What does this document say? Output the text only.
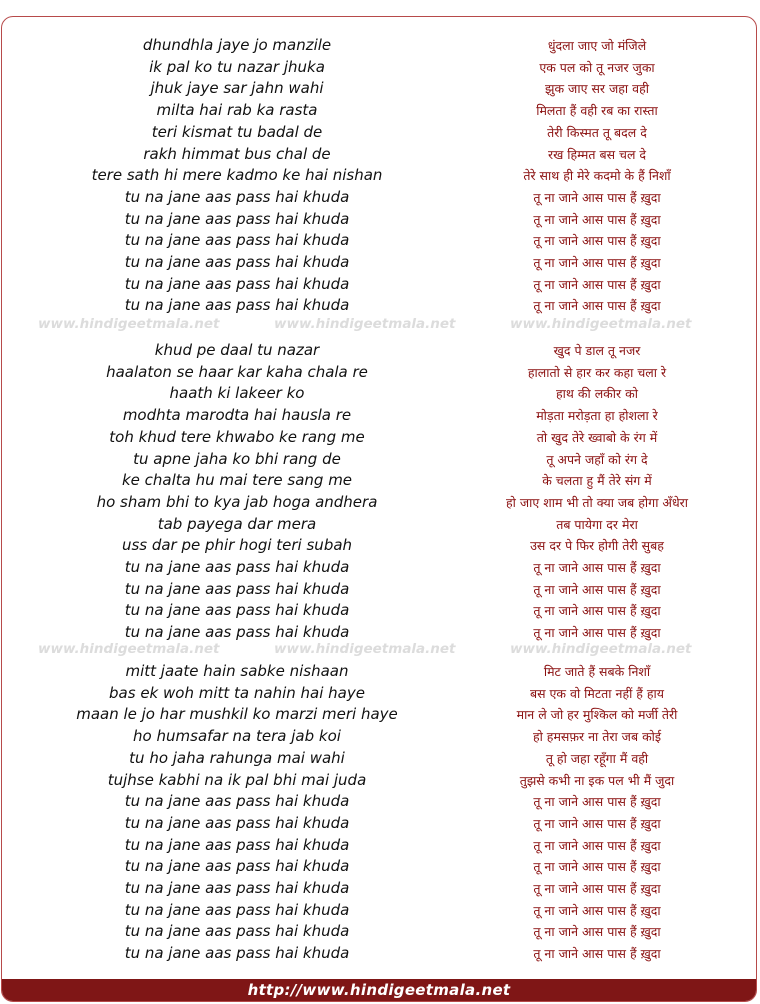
dhundhla jaye jo manzile
ik pal ko tu nazar jhuka
jhuk jaye sar jahn wahi
milta hai rab ka rasta
teri kismat tu badal de
rakh himmat bus chal de
tere sath hi mere kadmo ke hai nishan
tu na jane aas pass hai khuda
tu na jane aas pass hai khuda
tu na jane aas pass hai khuda
tu na jane aas pass hai khuda
tu na jane aas pass hai khuda
tu na jane aas pass hai khuda
khud pe daal tu nazar
haalaton se haar kar kaha chala re
haath ki lakeer ko
modhta marodta hai hausla re
toh khud tere khwabo ke rang me
tu apne jaha ko bhi rang de
ke chalta hu mai tere sang me
ho sham bhi to kya jab hoga andhera
tab payega dar mera
uss dar pe phir hogi teri subah
tu na jane aas pass hai khuda
tu na jane aas pass hai khuda
tu na jane aas pass hai khuda
tu na jane aas pass hai khuda
mitt jaate hain sabke nishaan
bas ek woh mitt ta nahin hai haye
maan le jo har mushkil ko marzi meri haye
ho humsafar na tera jab koi
tu ho jaha rahunga mai wahi
tujhse kabhi na ik pal bhi mai juda
tu na jane aas pass hai khuda
tu na jane aas pass hai khuda
tu na jane aas pass hai khuda
tu na jane aas pass hai khuda
tu na jane aas pass hai khuda
tu na jane aas pass hai khuda
tu na jane aas pass hai khuda
tu na jane aas pass hai khuda
धुंदला जाए जो मंजिले
एक पल को तू नजर जुका
झुक जाए सर जहा वही
मिलता हैं वही रब का रास्ता
तेरी किस्मत तू बदल दे
रख हिम्मत बस चल दे
तेरे साथ ही मेरे कदमो के हैं निशाँ
तू ना जाने आस पास हैं ख़ुदा
तू ना जाने आस पास हैं ख़ुदा
तू ना जाने आस पास हैं ख़ुदा
तू ना जाने आस पास हैं ख़ुदा
तू ना जाने आस पास हैं ख़ुदा
तू ना जाने आस पास हैं ख़ुदा
खुद पे डाल तू नजर
हालातो से हार कर कहा चला रे
हाथ की लकीर को
मोड़ता मरोड़ता हा होशला रे
तो खुद तेरे ख्वाबो के रंग में
तू अपने जहाँ को रंग दे
के चलता हु मैं तेरे संग में
हो जाए शाम भी तो क्या जब होगा अँधेरा
तब पायेगा दर मेरा
उस दर पे फिर होगी तेरी सुबह
तू ना जाने आस पास हैं ख़ुदा
तू ना जाने आस पास हैं ख़ुदा
तू ना जाने आस पास हैं ख़ुदा
तू ना जाने आस पास हैं ख़ुदा
मिट जाते हैं सबके निशाँ
बस एक वो मिटता नहीं हैं हाय
मान ले जो हर मुश्किल को मर्जी तेरी
हो हमसफ़र ना तेरा जब कोई
तू हो जहा रहूँगा मैं वही
तुझसे कभी ना इक पल भी मैं जुदा
तू ना जाने आस पास हैं ख़ुदा
तू ना जाने आस पास हैं ख़ुदा
तू ना जाने आस पास हैं ख़ुदा
तू ना जाने आस पास हैं ख़ुदा
तू ना जाने आस पास हैं ख़ुदा
तू ना जाने आस पास हैं ख़ुदा
तू ना जाने आस पास हैं ख़ुदा
तू ना जाने आस पास हैं ख़ुदा
www.hindigeetmala.net	www.hindigeetmala.net	www.hindigeetmala.net
www.hindigeetmala.net	www.hindigeetmala.net	www.hindigeetmala.net
http://www.hindigeetmala.net
